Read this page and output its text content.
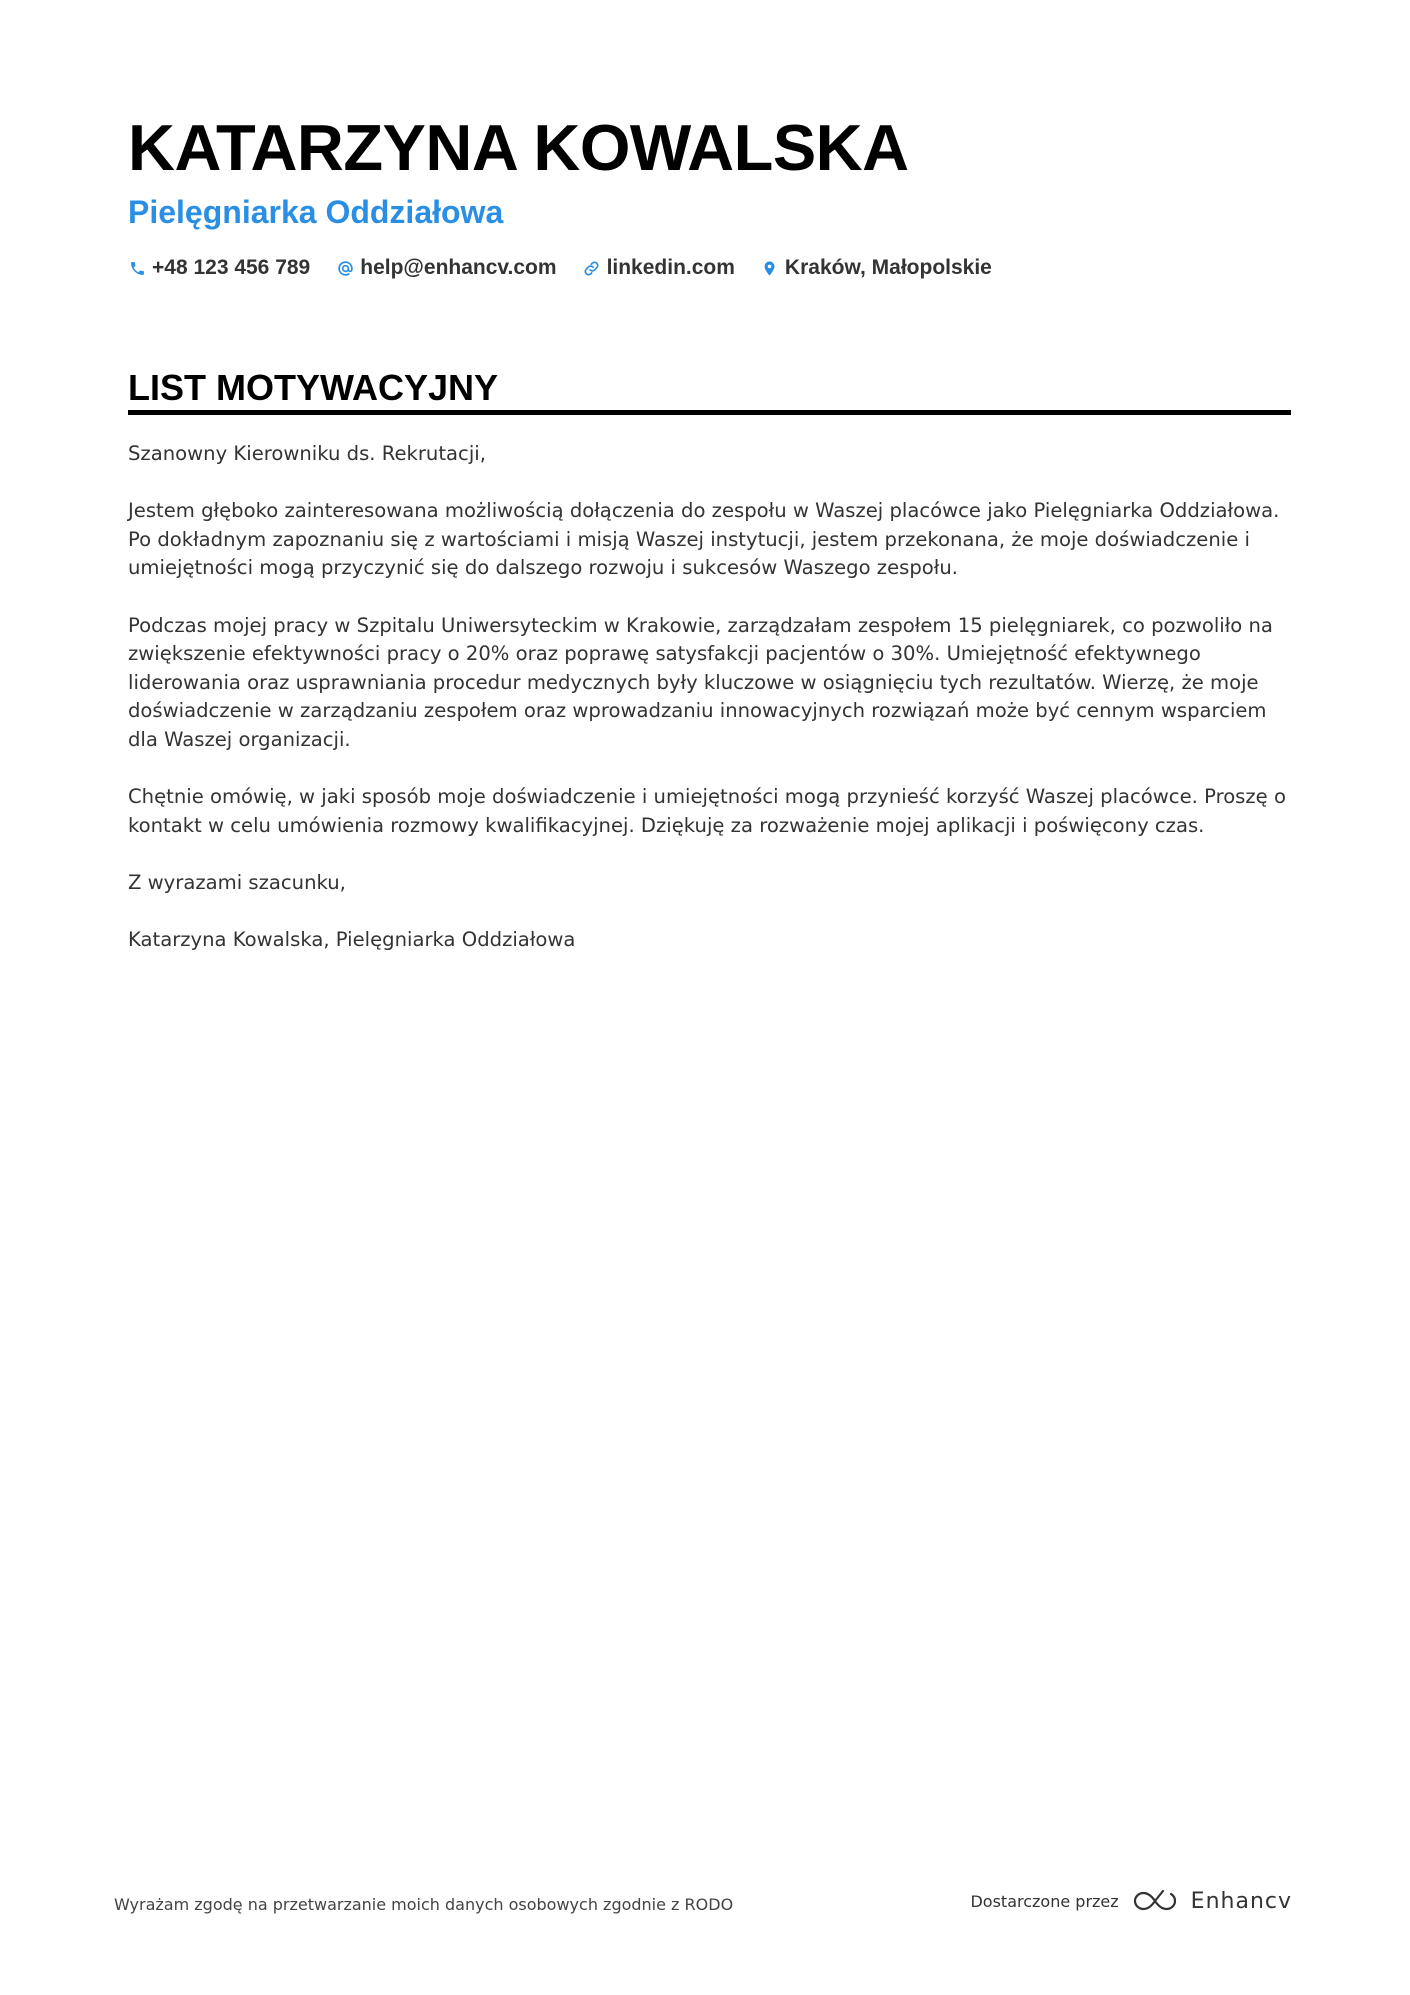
KATARZYNA KOWALSKA
Pielęgniarka Oddziałowa
+48 123 456 789 help@enhancv.com linkedin.com Kraków, Małopolskie
LIST MOTYWACYJNY

Szanowny Kierowniku ds. Rekrutacji,

Jestem głęboko zainteresowana możliwością dołączenia do zespołu w Waszej placówce jako Pielęgniarka Oddziałowa. Po dokładnym zapoznaniu się z wartościami i misją Waszej instytucji, jestem przekonana, że moje doświadczenie i umiejętności mogą przyczynić się do dalszego rozwoju i sukcesów Waszego zespołu.

Podczas mojej pracy w Szpitalu Uniwersyteckim w Krakowie, zarządzałam zespołem 15 pielęgniarek, co pozwoliło na zwiększenie efektywności pracy o 20% oraz poprawę satysfakcji pacjentów o 30%. Umiejętność efektywnego liderowania oraz usprawniania procedur medycznych były kluczowe w osiągnięciu tych rezultatów. Wierzę, że moje doświadczenie w zarządzaniu zespołem oraz wprowadzaniu innowacyjnych rozwiązań może być cennym wsparciem dla Waszej organizacji.

Chętnie omówię, w jaki sposób moje doświadczenie i umiejętności mogą przynieść korzyść Waszej placówce. Proszę o kontakt w celu umówienia rozmowy kwalifikacyjnej. Dziękuję za rozważenie mojej aplikacji i poświęcony czas.

Z wyrazami szacunku,

Katarzyna Kowalska, Pielęgniarka Oddziałowa

Wyrażam zgodę na przetwarzanie moich danych osobowych zgodnie z RODO	Dostarczone przez	Enhancv
